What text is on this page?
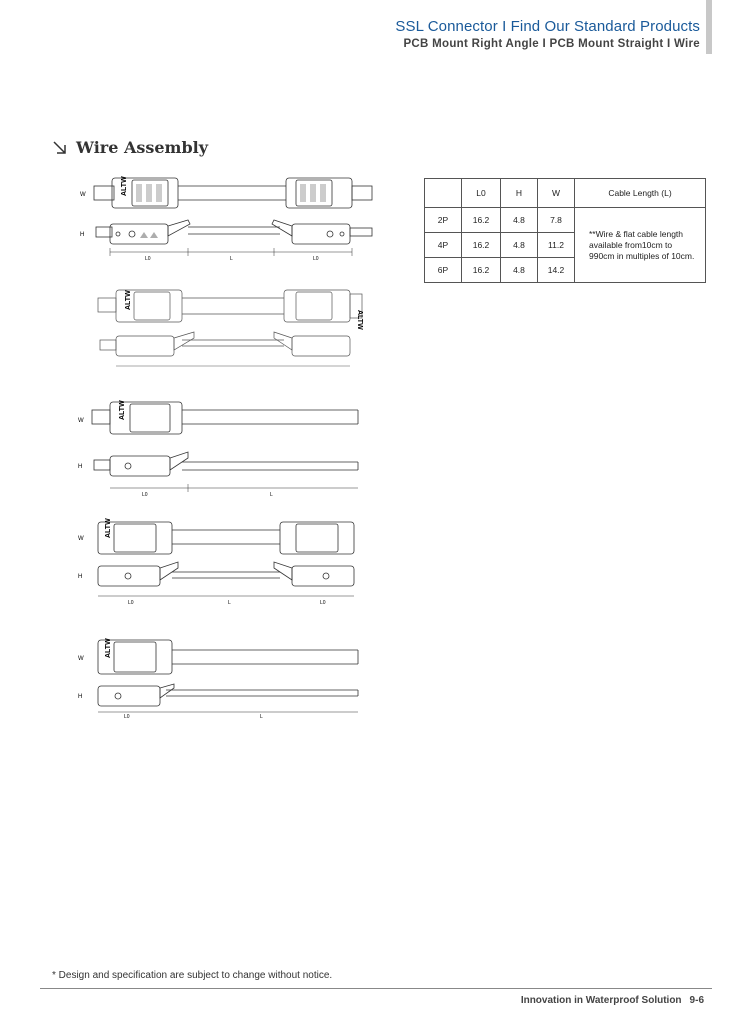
SSL Connector I Find Our Standard Products
PCB Mount Right Angle I PCB Mount Straight I Wire
Wire Assembly
ALTW
W
H
L0	L	L0
ALTW
ALTW
ALTW
W
H
L0	L
ALTW
W
H
L0	L	L0
ALTW
W
H
L0	L
	L0	H	W	Cable Length (L)
2P	16.2	4.8	7.8	**Wire & flat cable length available from10cm to 990cm in multiples of 10cm.
4P	16.2	4.8	11.2	
6P	16.2	4.8	14.2	
* Design and specification are subject to change without notice.
Innovation in Waterproof Solution 9-6
